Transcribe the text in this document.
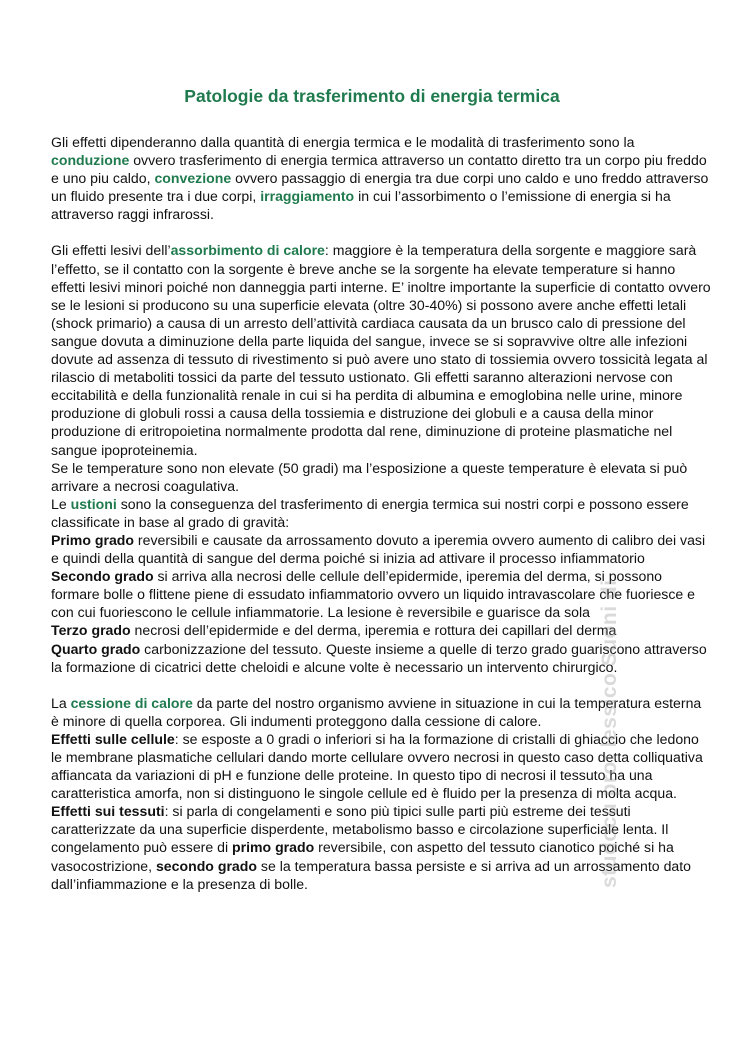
Patologie da trasferimento di energia termica

Gli effetti dipenderanno dalla quantità di energia termica e le modalità di trasferimento sono la conduzione ovvero trasferimento di energia termica attraverso un contatto diretto tra un corpo piu freddo e uno piu caldo, convezione ovvero passaggio di energia tra due corpi uno caldo e uno freddo attraverso un fluido presente tra i due corpi, irraggiamento in cui l’assorbimento o l’emissione di energia si ha attraverso raggi infrarossi.

Gli effetti lesivi dell’assorbimento di calore: maggiore è la temperatura della sorgente e maggiore sarà l’effetto, se il contatto con la sorgente è breve anche se la sorgente ha elevate temperature si hanno effetti lesivi minori poiché non danneggia parti interne. E’ inoltre importante la superficie di contatto ovvero se le lesioni si producono su una superficie elevata (oltre 30-40%) si possono avere anche effetti letali (shock primario) a causa di un arresto dell’attività cardiaca causata da un brusco calo di pressione del sangue dovuta a diminuzione della parte liquida del sangue, invece se si sopravvive oltre alle infezioni dovute ad assenza di tessuto di rivestimento si può avere uno stato di tossiemia ovvero tossicità legata al rilascio di metaboliti tossici da parte del tessuto ustionato. Gli effetti saranno alterazioni nervose con eccitabilità e della funzionalità renale in cui si ha perdita di albumina e emoglobina nelle urine, minore produzione di globuli rossi a causa della tossiemia e distruzione dei globuli e a causa della minor produzione di eritropoietina normalmente prodotta dal rene, diminuzione di proteine plasmatiche nel sangue ipoproteinemia.

Se le temperature sono non elevate (50 gradi) ma l’esposizione a queste temperature è elevata si può arrivare a necrosi coagulativa.

Le ustioni sono la conseguenza del trasferimento di energia termica sui nostri corpi e possono essere classificate in base al grado di gravità:

Primo grado reversibili e causate da arrossamento dovuto a iperemia ovvero aumento di calibro dei vasi e quindi della quantità di sangue del derma poiché si inizia ad attivare il processo infiammatorio

Secondo grado si arriva alla necrosi delle cellule dell’epidermide, iperemia del derma, si possono formare bolle o flittene piene di essudato infiammatorio ovvero un liquido intravascolare che fuoriesce e con cui fuoriescono le cellule infiammatorie. La lesione è reversibile e guarisce da sola

Terzo grado necrosi dell’epidermide e del derma, iperemia e rottura dei capillari del derma

Quarto grado carbonizzazione del tessuto. Queste insieme a quelle di terzo grado guariscono attraverso la formazione di cicatrici dette cheloidi e alcune volte è necessario un intervento chirurgico.

La cessione di calore da parte del nostro organismo avviene in situazione in cui la temperatura esterna è minore di quella corporea. Gli indumenti proteggono dalla cessione di calore.

Effetti sulle cellule: se esposte a 0 gradi o inferiori si ha la formazione di cristalli di ghiaccio che ledono le membrane plasmatiche cellulari dando morte cellulare ovvero necrosi in questo caso detta colliquativa affiancata da variazioni di pH e funzione delle proteine. In questo tipo di necrosi il tessuto ha una caratteristica amorfa, non si distinguono le singole cellule ed è fluido per la presenza di molta acqua.

Effetti sui tessuti: si parla di congelamenti e sono più tipici sulle parti più estreme dei tessuti caratterizzate da una superficie disperdente, metabolismo basso e circolazione superficiale lenta. Il congelamento può essere di primo grado reversibile, con aspetto del tessuto cianotico poiché si ha vasocostrizione, secondo grado se la temperatura bassa persiste e si arriva ad un arrossamento dato dall’infiammazione e la presenza di bolle.	studocu pro: lessico Suoni di
